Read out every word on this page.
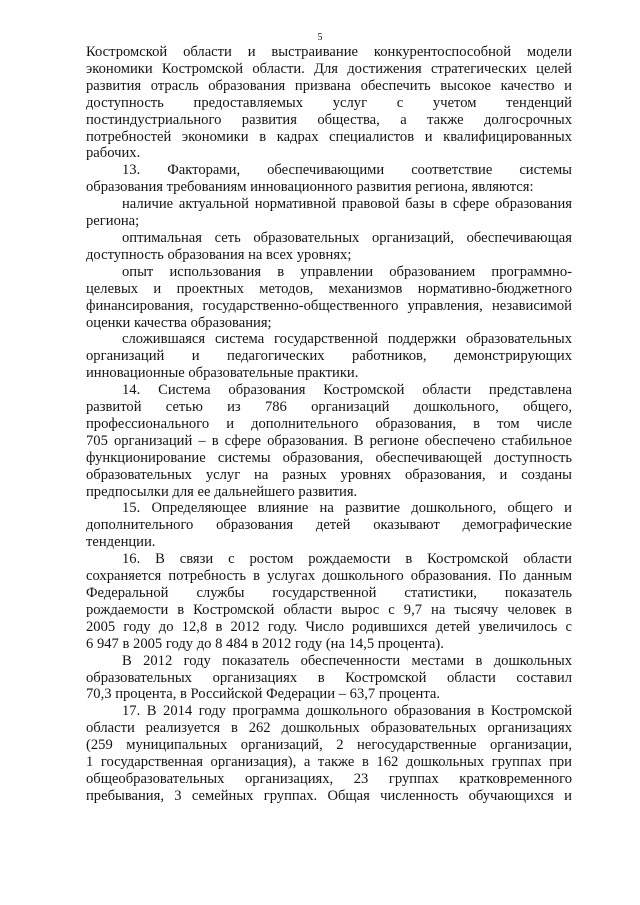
5
Костромской области и выстраивание конкурентоспособной модели
экономики Костромской области. Для достижения стратегических целей
развития отрасль образования призвана обеспечить высокое качество и
доступность предоставляемых услуг с учетом тенденций
постиндустриального развития общества, а также долгосрочных
потребностей экономики в кадрах специалистов и квалифицированных
рабочих.
13. Факторами, обеспечивающими соответствие системы
образования требованиям инновационного развития региона, являются:
наличие актуальной нормативной правовой базы в сфере образования
региона;
оптимальная сеть образовательных организаций, обеспечивающая
доступность образования на всех уровнях;
опыт использования в управлении образованием программно-
целевых и проектных методов, механизмов нормативно-бюджетного
финансирования, государственно-общественного управления, независимой
оценки качества образования;
сложившаяся система государственной поддержки образовательных
организаций и педагогических работников, демонстрирующих
инновационные образовательные практики.
14. Система образования Костромской области представлена
развитой сетью из 786 организаций дошкольного, общего,
профессионального и дополнительного образования, в том числе
705 организаций – в сфере образования. В регионе обеспечено стабильное
функционирование системы образования, обеспечивающей доступность
образовательных услуг на разных уровнях образования, и созданы
предпосылки для ее дальнейшего развития.
15. Определяющее влияние на развитие дошкольного, общего и
дополнительного образования детей оказывают демографические
тенденции.
16. В связи с ростом рождаемости в Костромской области
сохраняется потребность в услугах дошкольного образования. По данным
Федеральной службы государственной статистики, показатель
рождаемости в Костромской области вырос с 9,7 на тысячу человек в
2005 году до 12,8 в 2012 году. Число родившихся детей увеличилось с
6 947 в 2005 году до 8 484 в 2012 году (на 14,5 процента).
В 2012 году показатель обеспеченности местами в дошкольных
образовательных организациях в Костромской области составил
70,3 процента, в Российской Федерации – 63,7 процента.
17. В 2014 году программа дошкольного образования в Костромской
области реализуется в 262 дошкольных образовательных организациях
(259 муниципальных организаций, 2 негосударственные организации,
1 государственная организация), а также в 162 дошкольных группах при
общеобразовательных организациях, 23 группах кратковременного
пребывания, 3 семейных группах. Общая численность обучающихся и
